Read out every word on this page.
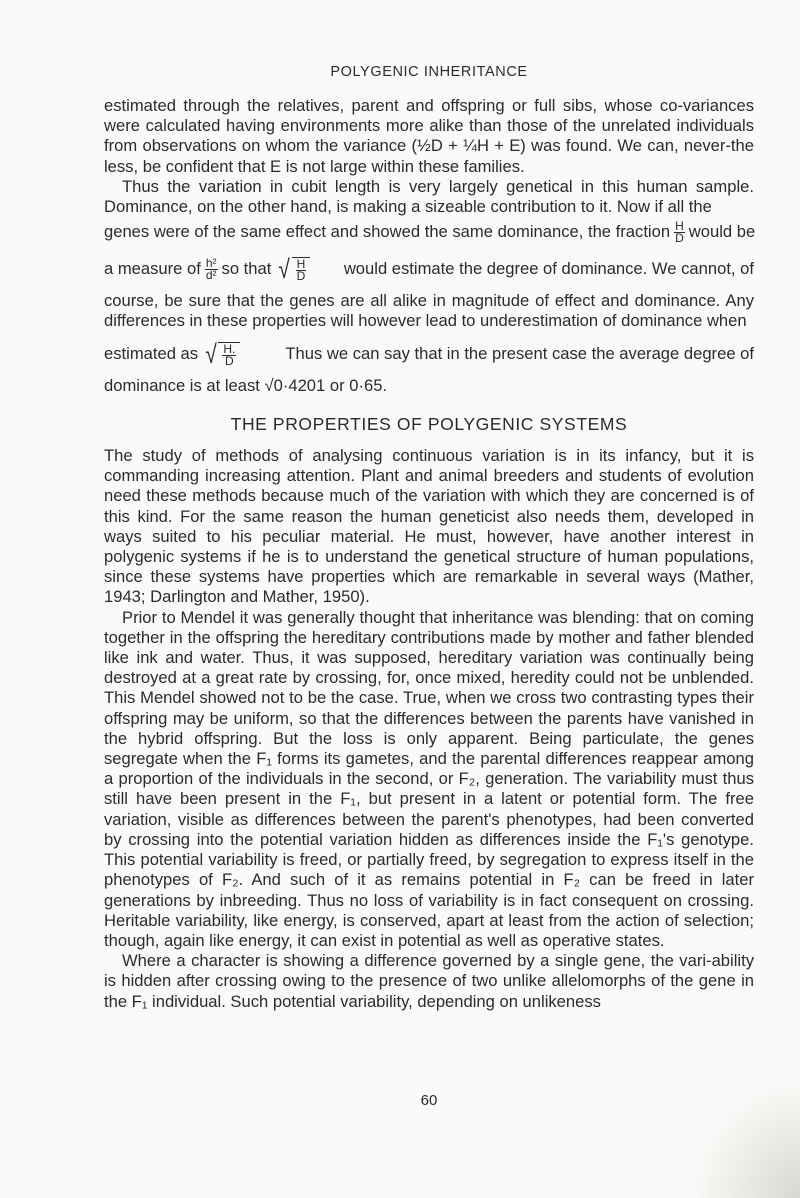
POLYGENIC INHERITANCE

estimated through the relatives, parent and offspring or full sibs, whose co-variances were calculated having environments more alike than those of the unrelated individuals from observations on whom the variance (½D + ¼H + E) was found. We can, never-the less, be confident that E is not large within these families.

Thus the variation in cubit length is very largely genetical in this human sample. Dominance, on the other hand, is making a sizeable contribution to it. Now if all the

genes were of the same effect and showed the same dominance, the fraction $\frac{H}{D}$ would be
a measure of $\frac{\text{h²}}{\text{d²}}$ so that √ $\frac{H}{D}$ would estimate the degree of dominance. We cannot, of

course, be sure that the genes are all alike in magnitude of effect and dominance. Any differences in these properties will however lead to underestimation of dominance when

estimated as √ $\frac{H.}{D}$	Thus we can say that in the present case the average degree of

dominance is at least √0·4201 or 0·65.

THE PROPERTIES OF POLYGENIC SYSTEMS

The study of methods of analysing continuous variation is in its infancy, but it is commanding increasing attention. Plant and animal breeders and students of evolution need these methods because much of the variation with which they are concerned is of this kind. For the same reason the human geneticist also needs them, developed in ways suited to his peculiar material. He must, however, have another interest in polygenic systems if he is to understand the genetical structure of human populations, since these systems have properties which are remarkable in several ways (Mather, 1943; Darlington and Mather, 1950).

Prior to Mendel it was generally thought that inheritance was blending: that on coming together in the offspring the hereditary contributions made by mother and father blended like ink and water. Thus, it was supposed, hereditary variation was continually being destroyed at a great rate by crossing, for, once mixed, heredity could not be unblended. This Mendel showed not to be the case. True, when we cross two contrasting types their offspring may be uniform, so that the differences between the parents have vanished in the hybrid offspring. But the loss is only apparent. Being particulate, the genes segregate when the F₁ forms its gametes, and the parental differences reappear among a proportion of the individuals in the second, or F₂, generation. The variability must thus still have been present in the F₁, but present in a latent or potential form. The free variation, visible as differences between the parent's phenotypes, had been converted by crossing into the potential variation hidden as differences inside the F₁'s genotype. This potential variability is freed, or partially freed, by segregation to express itself in the phenotypes of F₂. And such of it as remains potential in F₂ can be freed in later generations by inbreeding. Thus no loss of variability is in fact consequent on crossing. Heritable variability, like energy, is conserved, apart at least from the action of selection; though, again like energy, it can exist in potential as well as operative states.

Where a character is showing a difference governed by a single gene, the vari-ability is hidden after crossing owing to the presence of two unlike allelomorphs of the gene in the F₁ individual. Such potential variability, depending on unlikeness

60
